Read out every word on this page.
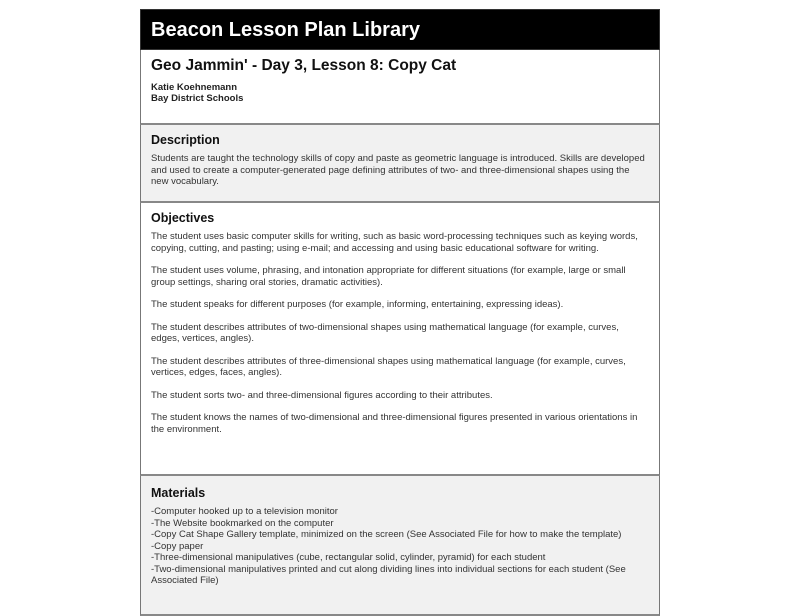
Beacon Lesson Plan Library
Geo Jammin' - Day 3, Lesson 8: Copy Cat
Katie Koehnemann
Bay District Schools
Description

Students are taught the technology skills of copy and paste as geometric language is introduced. Skills are developed and used to create a computer-generated page defining attributes of two- and three-dimensional shapes using the new vocabulary.

Objectives

The student uses basic computer skills for writing, such as basic word-processing techniques such as keying words, copying, cutting, and pasting; using e-mail; and accessing and using basic educational software for writing.

The student uses volume, phrasing, and intonation appropriate for different situations (for example, large or small group settings, sharing oral stories, dramatic activities).

The student speaks for different purposes (for example, informing, entertaining, expressing ideas).

The student describes attributes of two-dimensional shapes using mathematical language (for example, curves, edges, vertices, angles).

The student describes attributes of three-dimensional shapes using mathematical language (for example, curves, vertices, edges, faces, angles).

The student sorts two- and three-dimensional figures according to their attributes.

The student knows the names of two-dimensional and three-dimensional figures presented in various orientations in the environment.

Materials
-Computer hooked up to a television monitor
-The Website bookmarked on the computer
-Copy Cat Shape Gallery template, minimized on the screen (See Associated File for how to make the template)
-Copy paper
-Three-dimensional manipulatives (cube, rectangular solid, cylinder, pyramid) for each student
-Two-dimensional manipulatives printed and cut along dividing lines into individual sections for each student (See Associated File)
